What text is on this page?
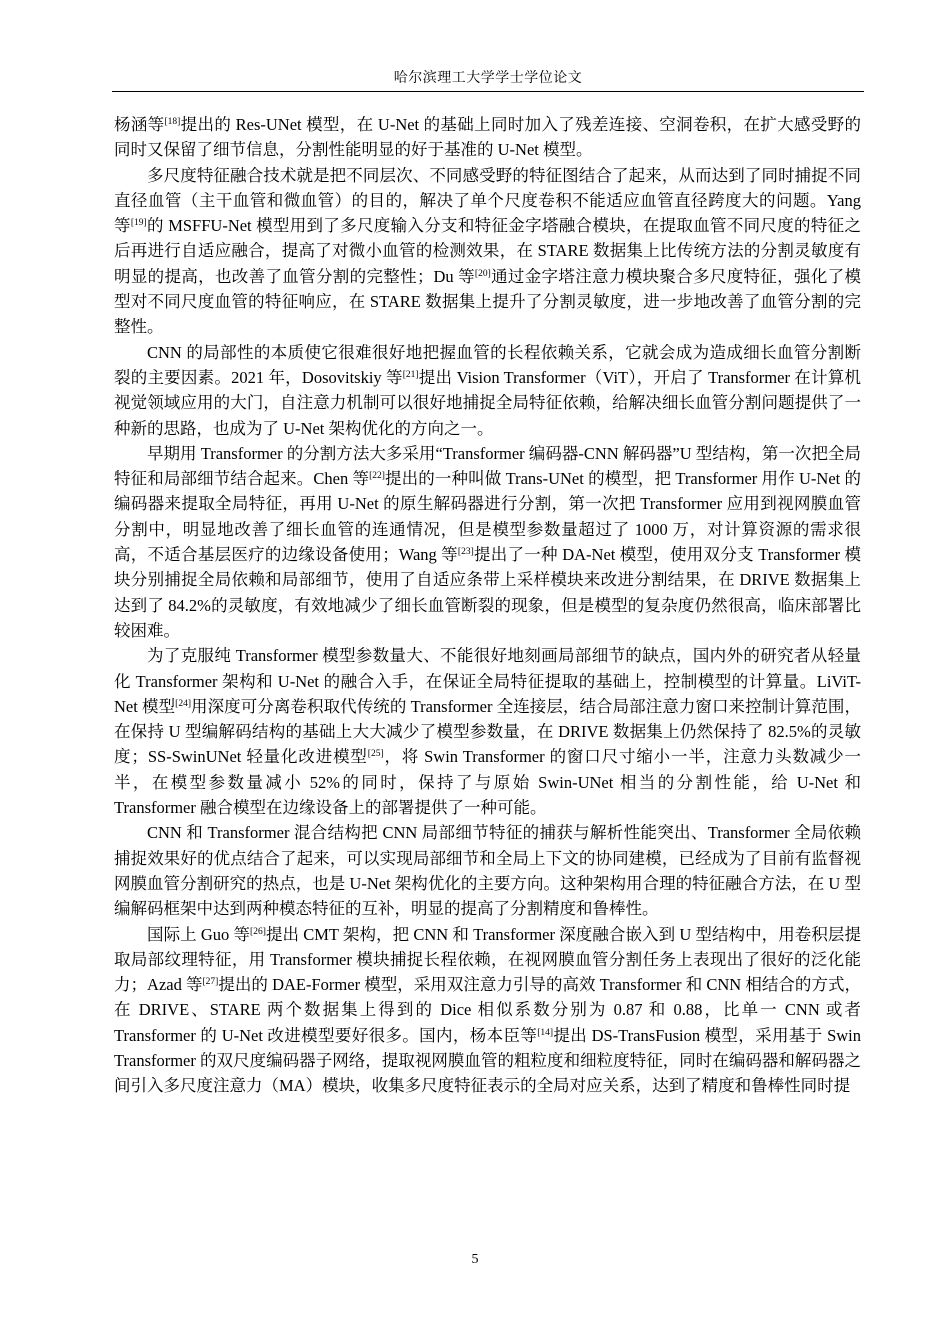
哈尔滨理工大学学士学位论文

杨涵等[18]提出的 Res-UNet 模型，在 U-Net 的基础上同时加入了残差连接、空洞卷积，在扩大感受野的同时又保留了细节信息，分割性能明显的好于基准的 U-Net 模型。

多尺度特征融合技术就是把不同层次、不同感受野的特征图结合了起来，从而达到了同时捕捉不同直径血管（主干血管和微血管）的目的，解决了单个尺度卷积不能适应血管直径跨度大的问题。Yang 等[19]的 MSFFU-Net 模型用到了多尺度输入分支和特征金字塔融合模块，在提取血管不同尺度的特征之后再进行自适应融合，提高了对微小血管的检测效果，在 STARE 数据集上比传统方法的分割灵敏度有明显的提高，也改善了血管分割的完整性；Du 等[20]通过金字塔注意力模块聚合多尺度特征，强化了模型对不同尺度血管的特征响应，在 STARE 数据集上提升了分割灵敏度，进一步地改善了血管分割的完整性。

CNN 的局部性的本质使它很难很好地把握血管的长程依赖关系，它就会成为造成细长血管分割断裂的主要因素。2021 年，Dosovitskiy 等[21]提出 Vision Transformer（ViT），开启了 Transformer 在计算机视觉领域应用的大门，自注意力机制可以很好地捕捉全局特征依赖，给解决细长血管分割问题提供了一种新的思路，也成为了 U-Net 架构优化的方向之一。

早期用 Transformer 的分割方法大多采用“Transformer 编码器-CNN 解码器”U 型结构，第一次把全局特征和局部细节结合起来。Chen 等[22]提出的一种叫做 Trans-UNet 的模型，把 Transformer 用作 U-Net 的编码器来提取全局特征，再用 U-Net 的原生解码器进行分割，第一次把 Transformer 应用到视网膜血管分割中，明显地改善了细长血管的连通情况，但是模型参数量超过了 1000 万，对计算资源的需求很高，不适合基层医疗的边缘设备使用；Wang 等[23]提出了一种 DA-Net 模型，使用双分支 Transformer 模块分别捕捉全局依赖和局部细节，使用了自适应条带上采样模块来改进分割结果，在 DRIVE 数据集上达到了 84.2%的灵敏度，有效地减少了细长血管断裂的现象，但是模型的复杂度仍然很高，临床部署比较困难。

为了克服纯 Transformer 模型参数量大、不能很好地刻画局部细节的缺点，国内外的研究者从轻量化 Transformer 架构和 U-Net 的融合入手，在保证全局特征提取的基础上，控制模型的计算量。LiViT-Net 模型[24]用深度可分离卷积取代传统的 Transformer 全连接层，结合局部注意力窗口来控制计算范围，在保持 U 型编解码结构的基础上大大减少了模型参数量，在 DRIVE 数据集上仍然保持了 82.5%的灵敏度；SS-SwinUNet 轻量化改进模型[25]，将 Swin Transformer 的窗口尺寸缩小一半，注意力头数减少一半，在模型参数量减小 52%的同时，保持了与原始 Swin-UNet 相当的分割性能，给 U-Net 和 Transformer 融合模型在边缘设备上的部署提供了一种可能。

CNN 和 Transformer 混合结构把 CNN 局部细节特征的捕获与解析性能突出、Transformer 全局依赖捕捉效果好的优点结合了起来，可以实现局部细节和全局上下文的协同建模，已经成为了目前有监督视网膜血管分割研究的热点，也是 U-Net 架构优化的主要方向。这种架构用合理的特征融合方法，在 U 型编解码框架中达到两种模态特征的互补，明显的提高了分割精度和鲁棒性。

国际上 Guo 等[26]提出 CMT 架构，把 CNN 和 Transformer 深度融合嵌入到 U 型结构中，用卷积层提取局部纹理特征，用 Transformer 模块捕捉长程依赖，在视网膜血管分割任务上表现出了很好的泛化能力；Azad 等[27]提出的 DAE-Former 模型，采用双注意力引导的高效 Transformer 和 CNN 相结合的方式，在 DRIVE、STARE 两个数据集上得到的 Dice 相似系数分别为 0.87 和 0.88，比单一 CNN 或者 Transformer 的 U-Net 改进模型要好很多。国内，杨本臣等[14]提出 DS-TransFusion 模型，采用基于 Swin Transformer 的双尺度编码器子网络，提取视网膜血管的粗粒度和细粒度特征，同时在编码器和解码器之间引入多尺度注意力（MA）模块，收集多尺度特征表示的全局对应关系，达到了精度和鲁棒性同时提

5
